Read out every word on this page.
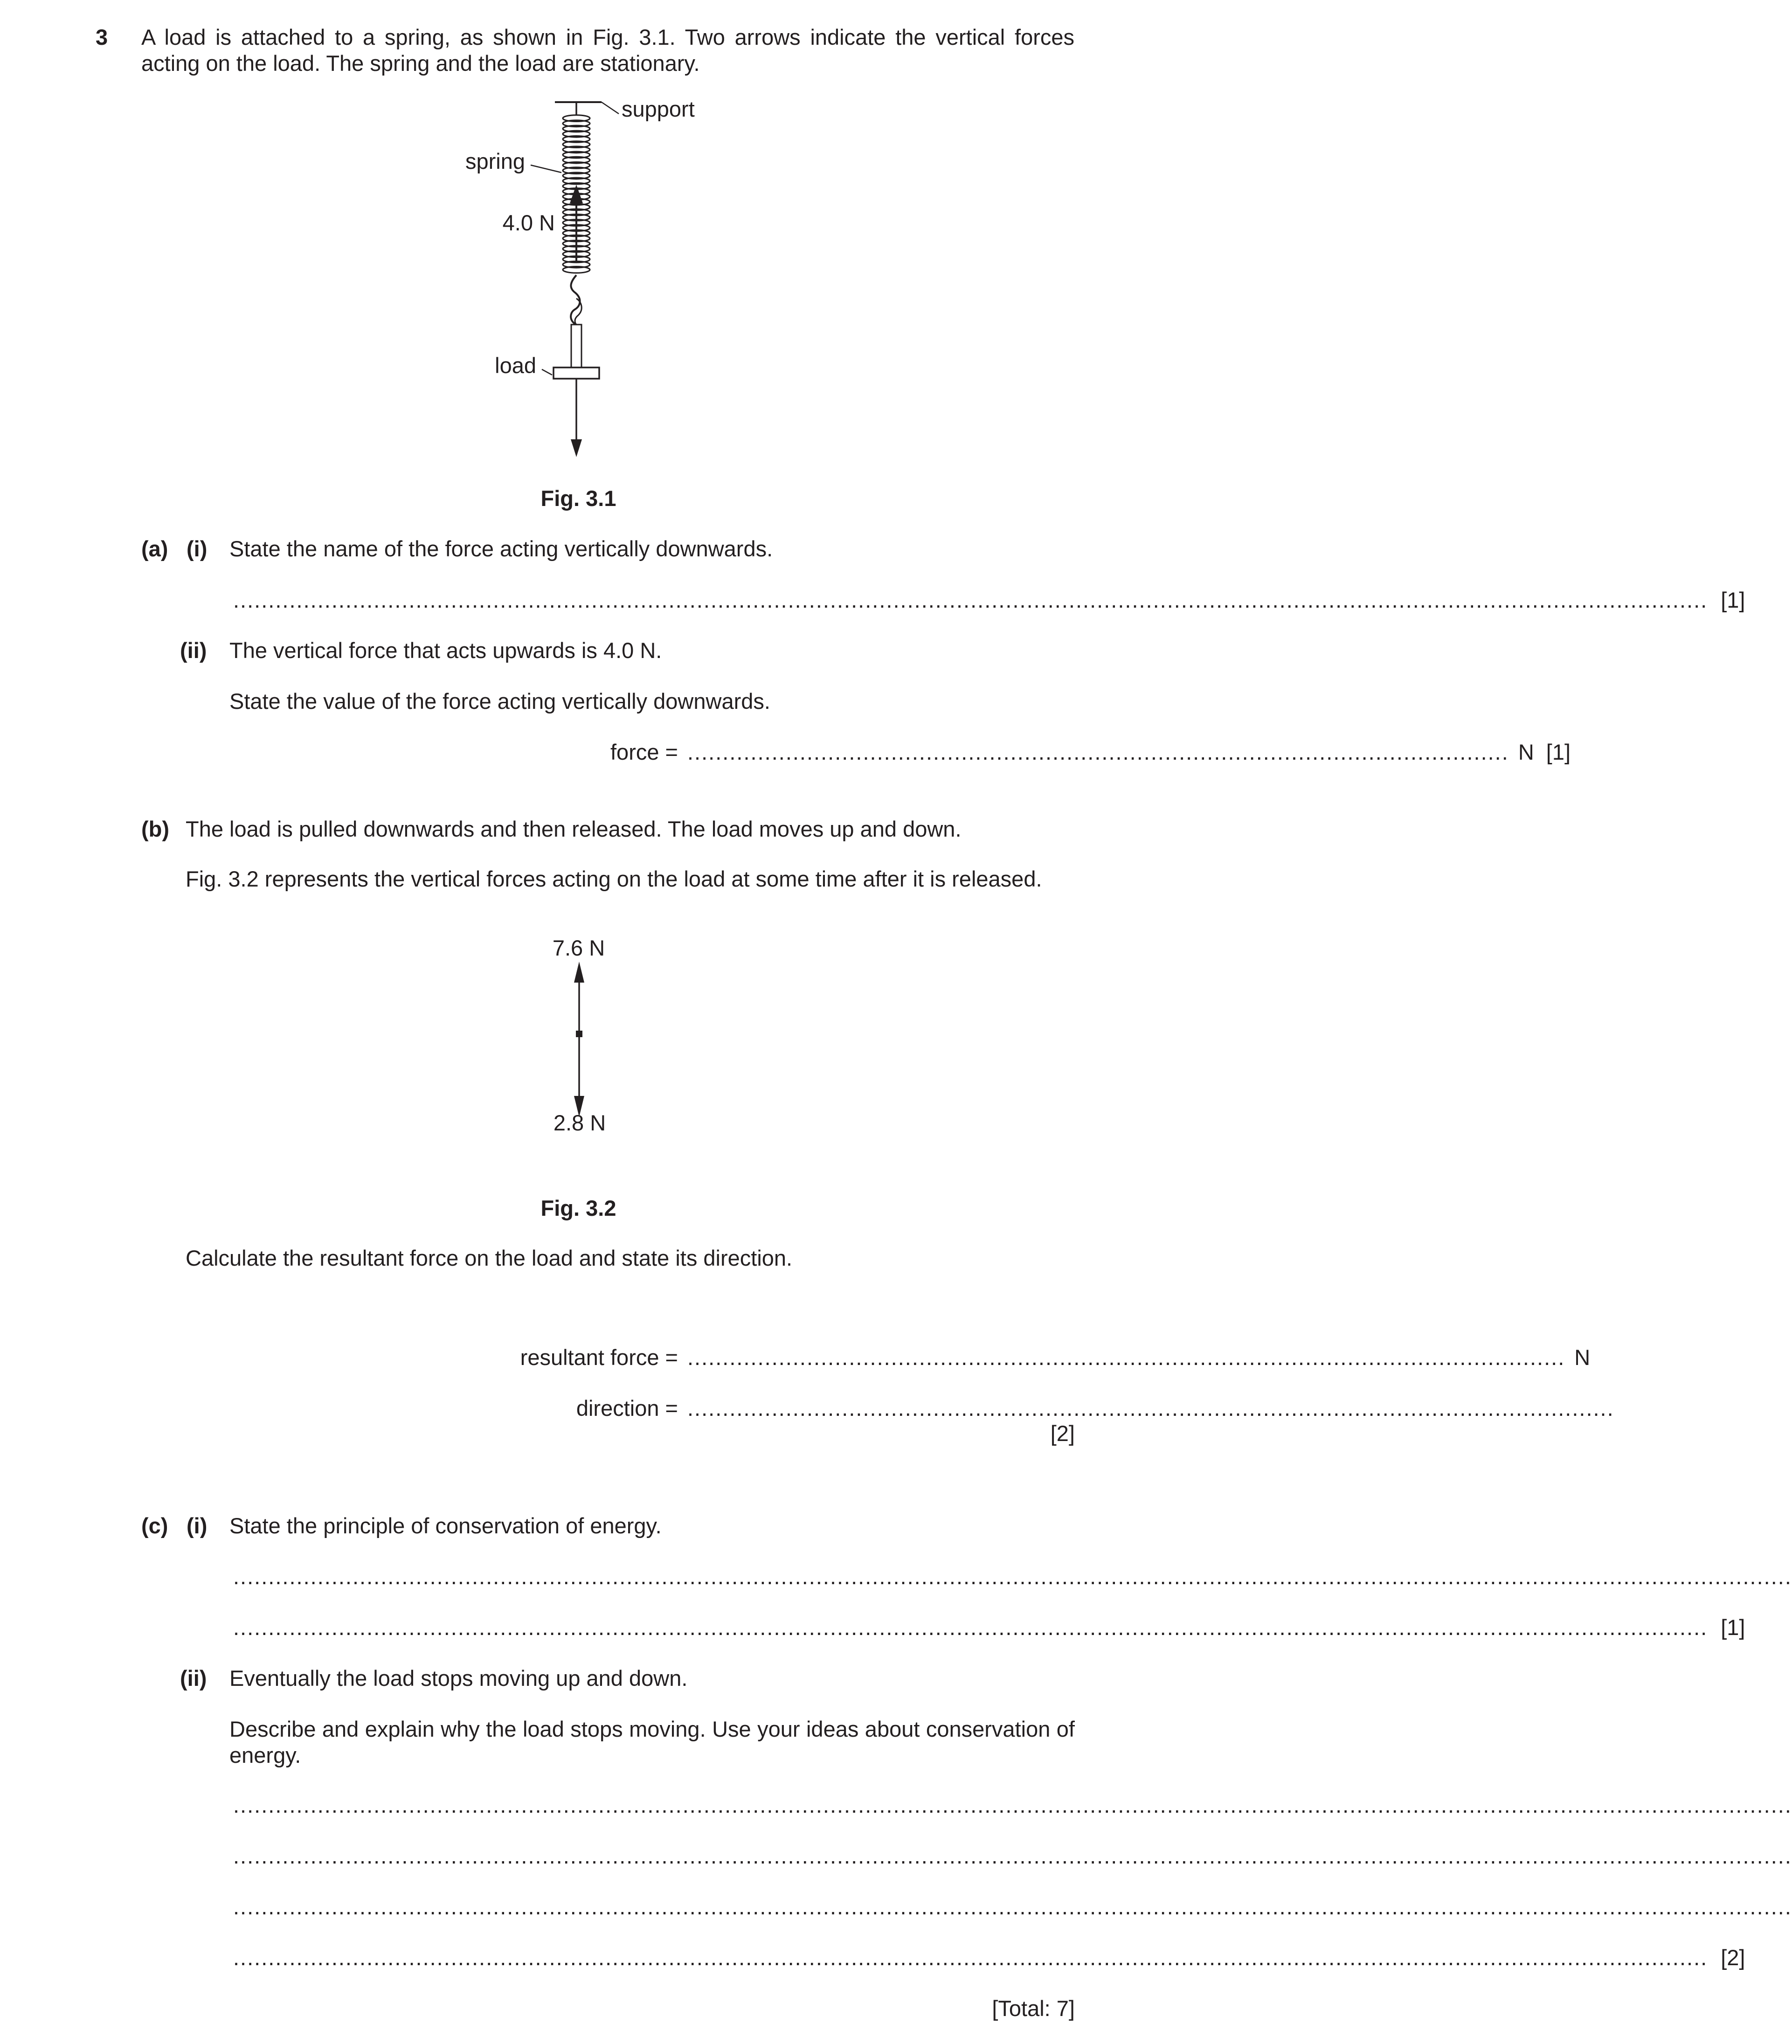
3 A load is attached to a spring, as shown in Fig. 3.1. Two arrows indicate the vertical forces acting on the load. The spring and the load are stationary.
support
spring
4.0 N
load
Fig. 3.1
(a) (i) State the name of the force acting vertically downwards.
.................................................................................................................................................................................................................. [1]
(ii) The vertical force that acts upwards is 4.0 N.
State the value of the force acting vertically downwards.
force = ..................................................................................................................... N [1]
(b) The load is pulled downwards and then released. The load moves up and down.
Fig. 3.2 represents the vertical forces acting on the load at some time after it is released.
7.6 N
2.8 N
Fig. 3.2
Calculate the resultant force on the load and state its direction.
resultant force = ............................................................................................................................. N
direction = ....................................................................................................................................
[2]
(c) (i) State the principle of conservation of energy.
..............................................................................................................................................................................................................................
.................................................................................................................................................................................................................. [1]
(ii) Eventually the load stops moving up and down.
Describe and explain why the load stops moving. Use your ideas about conservation of energy.
..............................................................................................................................................................................................................................
..............................................................................................................................................................................................................................
..............................................................................................................................................................................................................................
.................................................................................................................................................................................................................. [2]
[Total: 7]
